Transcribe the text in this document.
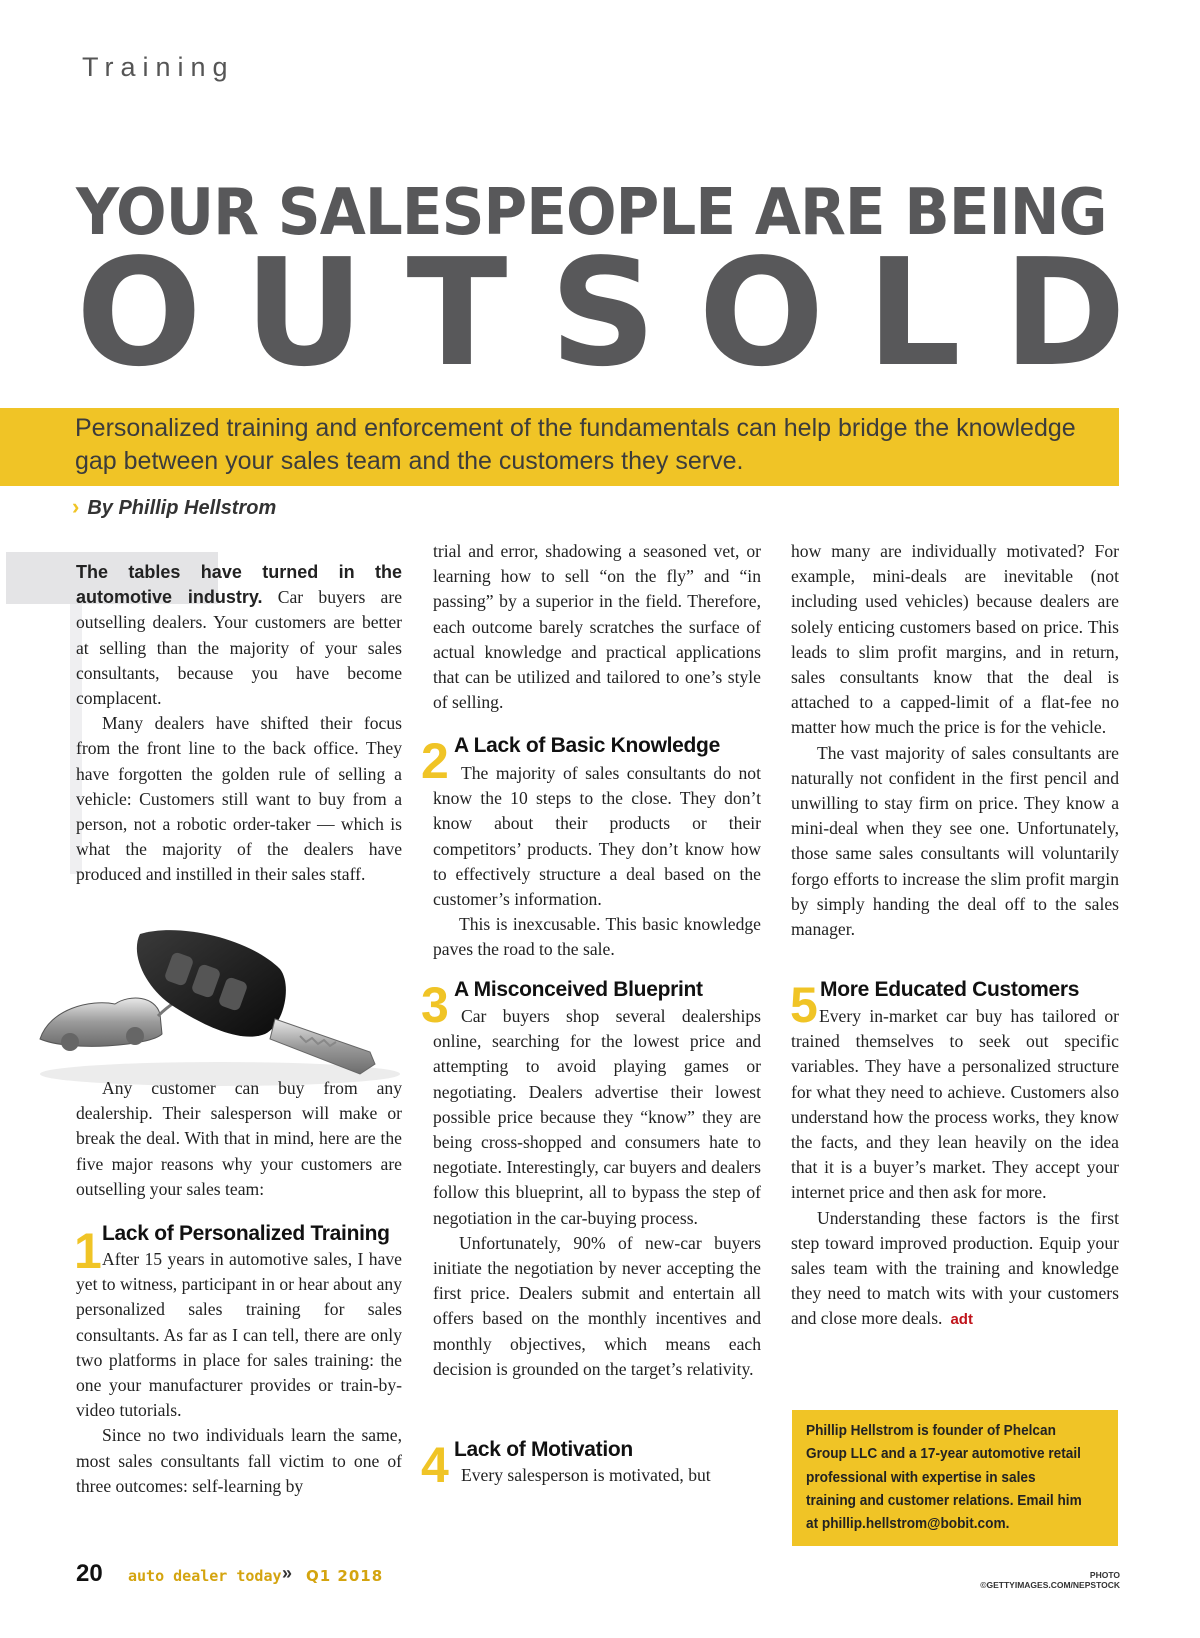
Training
YOUR SALESPEOPLE ARE BEING
O U T S O L D
Personalized training and enforcement of the fundamentals can help bridge the knowledge gap between your sales team and the customers they serve.
› By Phillip Hellstrom

The tables have turned in the automotive industry. Car buyers are outselling dealers. Your customers are better at selling than the majority of your sales consultants, because you have become complacent.

Many dealers have shifted their focus from the front line to the back office. They have forgotten the golden rule of selling a vehicle: Customers still want to buy from a person, not a robotic order-taker — which is what the majority of the dealers have produced and instilled in their sales staff.

Any customer can buy from any dealership. Their salesperson will make or break the deal. With that in mind, here are the five major reasons why your customers are outselling your sales team:

1 Lack of Personalized Training

After 15 years in automotive sales, I have yet to witness, participant in or hear about any personalized sales training for sales consultants. As far as I can tell, there are only two platforms in place for sales training: the one your manufacturer provides or train-by-video tutorials.

Since no two individuals learn the same, most sales consultants fall victim to one of three outcomes: self-learning by

trial and error, shadowing a seasoned vet, or learning how to sell “on the fly” and “in passing” by a superior in the field. Therefore, each outcome barely scratches the surface of actual knowledge and practical applications that can be utilized and tailored to one’s style of selling.

2 A Lack of Basic Knowledge

The majority of sales consultants do not know the 10 steps to the close. They don’t know about their products or their competitors’ products. They don’t know how to effectively structure a deal based on the customer’s information.

This is inexcusable. This basic knowledge paves the road to the sale.

3 A Misconceived Blueprint

Car buyers shop several dealerships online, searching for the lowest price and attempting to avoid playing games or negotiating. Dealers advertise their lowest possible price because they “know” they are being cross-shopped and consumers hate to negotiate. Interestingly, car buyers and dealers follow this blueprint, all to bypass the step of negotiation in the car-buying process.

Unfortunately, 90% of new-car buyers initiate the negotiation by never accepting the first price. Dealers submit and entertain all offers based on the monthly incentives and monthly objectives, which means each decision is grounded on the target’s relativity.

4 Lack of Motivation

Every salesperson is motivated, but

how many are individually motivated? For example, mini-deals are inevitable (not including used vehicles) because dealers are solely enticing customers based on price. This leads to slim profit margins, and in return, sales consultants know that the deal is attached to a capped-limit of a flat-fee no matter how much the price is for the vehicle.

The vast majority of sales consultants are naturally not confident in the first pencil and unwilling to stay firm on price. They know a mini-deal when they see one. Unfortunately, those same sales consultants will voluntarily forgo efforts to increase the slim profit margin by simply handing the deal off to the sales manager.

5 More Educated Customers

Every in-market car buy has tailored or trained themselves to seek out specific variables. They have a personalized structure for what they need to achieve. Customers also understand how the process works, they know the facts, and they lean heavily on the idea that it is a buyer’s market. They accept your internet price and then ask for more.

Understanding these factors is the first step toward improved production. Equip your sales team with the training and knowledge they need to match wits with your customers and close more deals. adt

Phillip Hellstrom is founder of Phelcan Group LLC and a 17-year automotive retail professional with expertise in sales training and customer relations. Email him at phillip.hellstrom@bobit.com.
20 auto dealer today » Q1 2018	PHOTO ©GETTYIMAGES.COM/NEPSTOCK
